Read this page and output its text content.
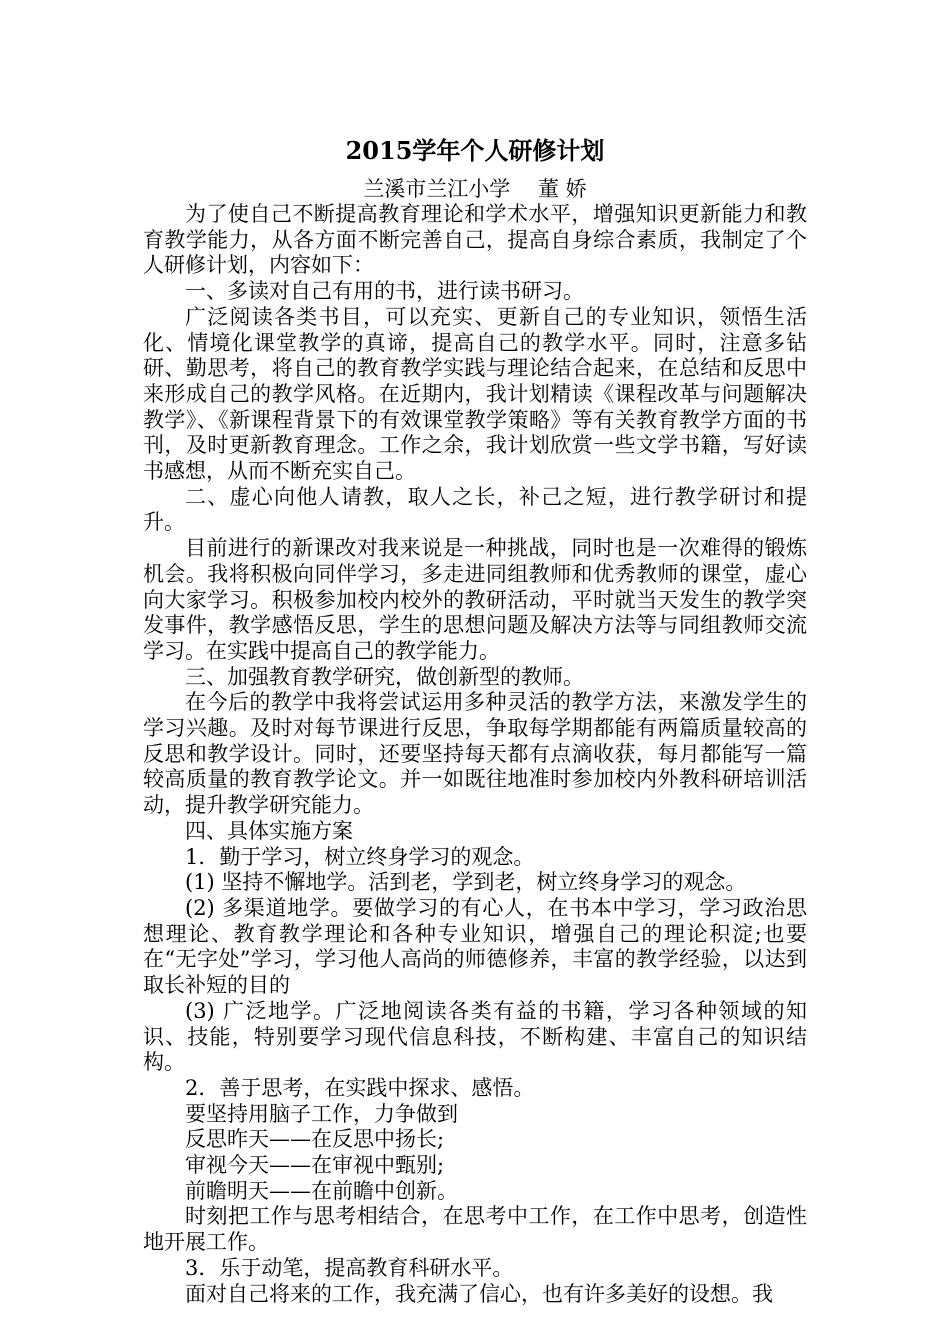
2015学年个人研修计划
兰溪市兰江小学　 董 娇

为了使自己不断提高教育理论和学术水平，增强知识更新能力和教育教学能力，从各方面不断完善自己，提高自身综合素质，我制定了个人研修计划，内容如下：

一、多读对自己有用的书，进行读书研习。

广泛阅读各类书目，可以充实、更新自己的专业知识，领悟生活化、情境化课堂教学的真谛，提高自己的教学水平。同时，注意多钻研、勤思考，将自己的教育教学实践与理论结合起来，在总结和反思中来形成自己的教学风格。在近期内，我计划精读《课程改革与问题解决教学》、《新课程背景下的有效课堂教学策略》等有关教育教学方面的书刊，及时更新教育理念。工作之余，我计划欣赏一些文学书籍，写好读书感想，从而不断充实自己。

二、虚心向他人请教，取人之长，补己之短，进行教学研讨和提升。

目前进行的新课改对我来说是一种挑战，同时也是一次难得的锻炼机会。我将积极向同伴学习，多走进同组教师和优秀教师的课堂，虚心向大家学习。积极参加校内校外的教研活动，平时就当天发生的教学突发事件，教学感悟反思，学生的思想问题及解决方法等与同组教师交流学习。在实践中提高自己的教学能力。

三、加强教育教学研究，做创新型的教师。

在今后的教学中我将尝试运用多种灵活的教学方法，来激发学生的学习兴趣。及时对每节课进行反思，争取每学期都能有两篇质量较高的反思和教学设计。同时，还要坚持每天都有点滴收获，每月都能写一篇较高质量的教育教学论文。并一如既往地准时参加校内外教科研培训活动，提升教学研究能力。

四、具体实施方案

1．勤于学习，树立终身学习的观念。

(1) 坚持不懈地学。活到老，学到老，树立终身学习的观念。

(2) 多渠道地学。要做学习的有心人，在书本中学习，学习政治思想理论、教育教学理论和各种专业知识，增强自己的理论积淀;也要在“无字处”学习，学习他人高尚的师德修养，丰富的教学经验，以达到取长补短的目的

(3) 广泛地学。广泛地阅读各类有益的书籍，学习各种领域的知识、技能，特别要学习现代信息科技，不断构建、丰富自己的知识结构。

2．善于思考，在实践中探求、感悟。

要坚持用脑子工作，力争做到

反思昨天——在反思中扬长;

审视今天——在审视中甄别;

前瞻明天——在前瞻中创新。

时刻把工作与思考相结合，在思考中工作，在工作中思考，创造性地开展工作。

3．乐于动笔，提高教育科研水平。

面对自己将来的工作，我充满了信心，也有许多美好的设想。我
